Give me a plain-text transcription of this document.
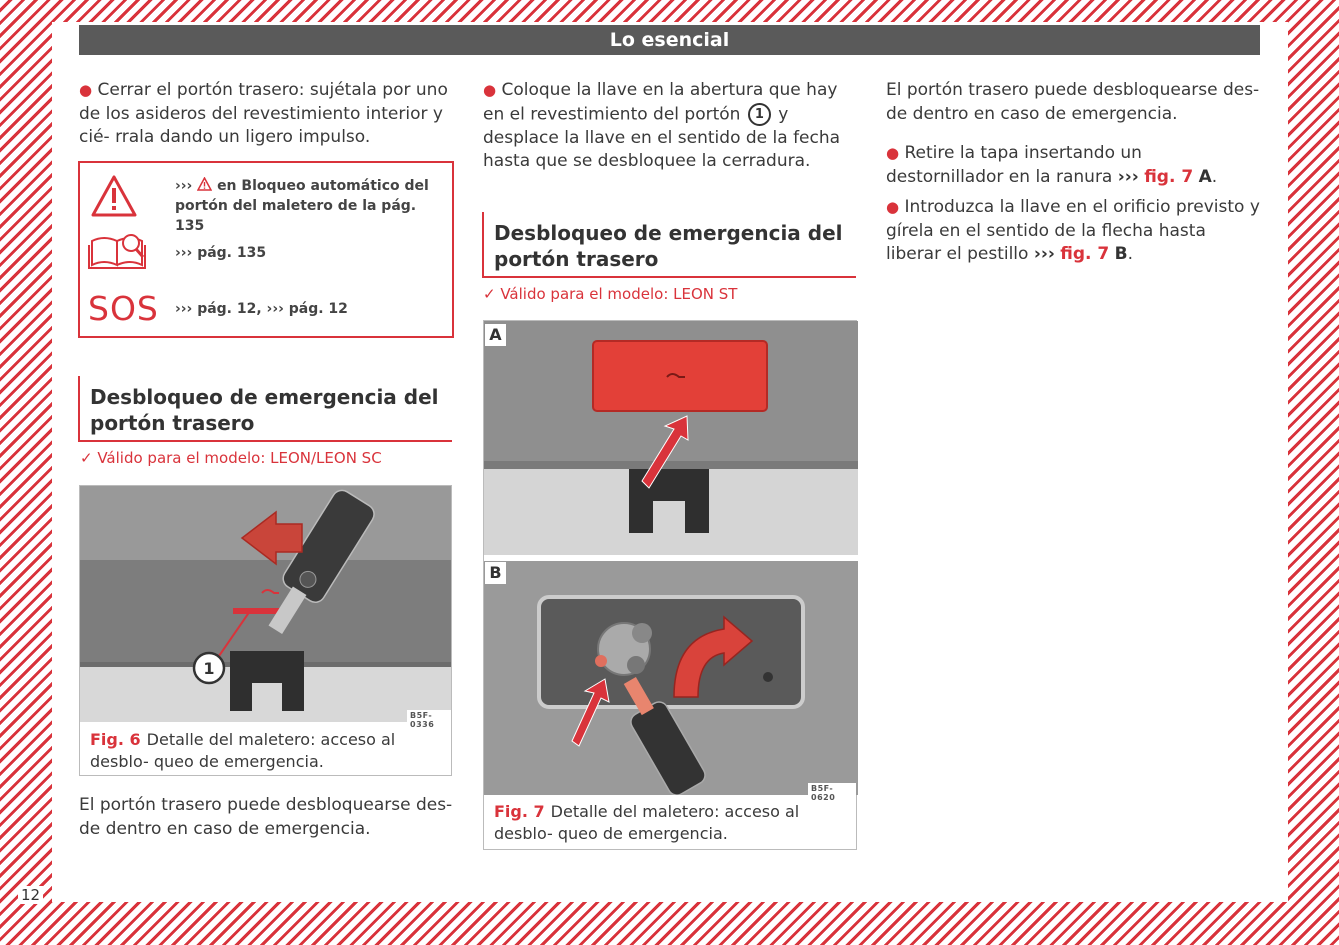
Lo esencial
● Cerrar el portón trasero: sujétala por uno de los asideros del revestimiento interior y cié- rrala dando un ligero impulso.
››› en Bloqueo automático del portón del maletero de la pág. 135
››› pág. 135
SOS ››› pág. 12, ››› pág. 12
Desbloqueo de emergencia del portón trasero
✓ Válido para el modelo: LEON/LEON SC
1
B5F-0336
Fig. 6 Detalle del maletero: acceso al desblo- queo de emergencia.
El portón trasero puede desbloquearse des- de dentro en caso de emergencia.
● Coloque la llave en la abertura que hay en el revestimiento del portón 1 y desplace la llave en el sentido de la fecha hasta que se desbloquee la cerradura.
Desbloqueo de emergencia del portón trasero
✓ Válido para el modelo: LEON ST
A
B
B5F-0620
Fig. 7 Detalle del maletero: acceso al desblo- queo de emergencia.
El portón trasero puede desbloquearse des- de dentro en caso de emergencia.
● Retire la tapa insertando un destornillador en la ranura ››› fig. 7 A.
● Introduzca la llave en el orificio previsto y gírela en el sentido de la flecha hasta liberar el pestillo ››› fig. 7 B.
12
